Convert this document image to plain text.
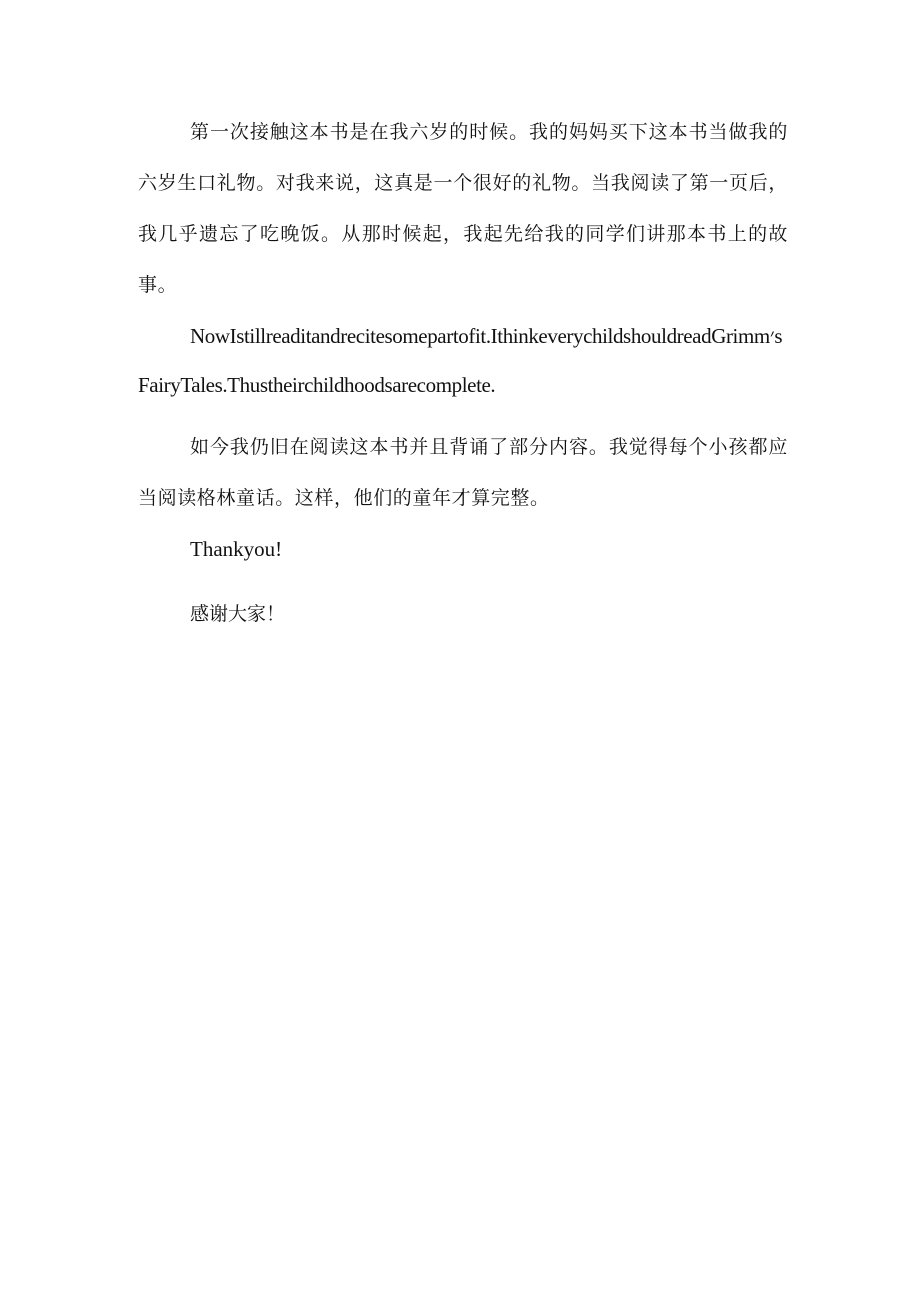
第一次接触这本书是在我六岁的时候。我的妈妈买下这本书当做我的六岁生口礼物。对我来说，这真是一个很好的礼物。当我阅读了第一页后，我几乎遗忘了吃晚饭。从那时候起，我起先给我的同学们讲那本书上的故事。

NowIstillreaditandrecitesomepartofit.IthinkeverychildshouldreadGrimm׳sFairyTales.Thustheirchildhoodsarecomplete.

如今我仍旧在阅读这本书并且背诵了部分内容。我觉得每个小孩都应当阅读格林童话。这样，他们的童年才算完整。

Thankyou!

感谢大家！
